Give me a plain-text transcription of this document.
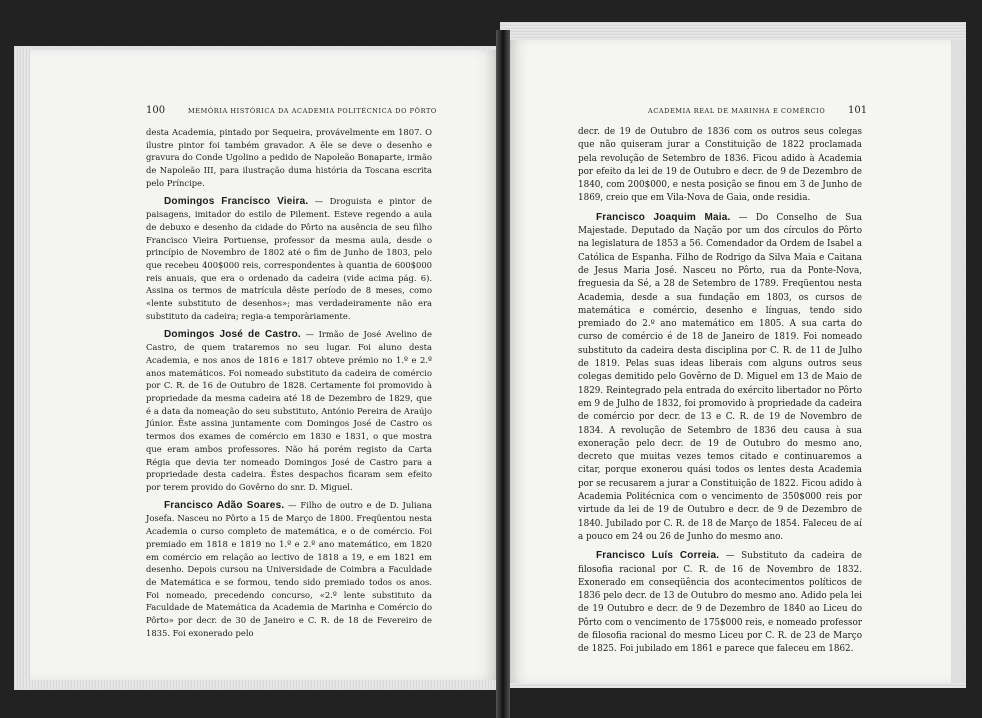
100	MEMÓRIA HISTÓRICA DA ACADEMIA POLITÉCNICA DO PÔRTO

desta Academia, pintado por Sequeira, provávelmente em 1807. O ilustre pintor foi também gravador. A êle se deve o desenho e gravura do Conde Ugolino a pedido de Napoleão Bonaparte, irmão de Napoleão III, para ilustração duma história da Toscana escrita pelo Príncipe.

Domingos Francisco Vieira. — Droguista e pintor de paisagens, imitador do estilo de Pilement. Esteve regendo a aula de debuxo e desenho da cidade do Pôrto na ausência de seu filho Francisco Vieira Portuense, professor da mesma aula, desde o princípio de Novembro de 1802 até o fim de Junho de 1803, pelo que recebeu 400$000 reis, correspondentes à quantia de 600$000 reis anuais, que era o ordenado da cadeira (vide acima pág. 6). Assina os termos de matrícula dêste período de 8 meses, como «lente substituto de desenhos»; mas verdadeiramente não era substituto da cadeira; regia-a temporàriamente.

Domingos José de Castro. — Irmão de José Avelino de Castro, de quem trataremos no seu lugar. Foi aluno desta Academia, e nos anos de 1816 e 1817 obteve prémio no 1.º e 2.º anos matemáticos. Foi nomeado substituto da cadeira de comércio por C. R. de 16 de Outubro de 1828. Certamente foi promovido à propriedade da mesma cadeira até 18 de Dezembro de 1829, que é a data da nomeação do seu substituto, António Pereira de Araújo Júnior. Êste assina juntamente com Domingos José de Castro os termos dos exames de comércio em 1830 e 1831, o que mostra que eram ambos professores. Não há porém registo da Carta Régia que devia ter nomeado Domingos José de Castro para a propriedade desta cadeira. Êstes despachos ficaram sem efeito por terem provido do Govêrno do snr. D. Miguel.

Francisco Adão Soares. — Filho de outro e de D. Juliana Josefa. Nasceu no Pôrto a 15 de Março de 1800. Freqüentou nesta Academia o curso completo de matemática, e o de comércio. Foi premiado em 1818 e 1819 no 1.º e 2.º ano matemático, em 1820 em comércio em relação ao lectivo de 1818 a 19, e em 1821 em desenho. Depois cursou na Universidade de Coimbra a Faculdade de Matemática e se formou, tendo sido premiado todos os anos. Foi nomeado, precedendo concurso, «2.º lente substituto da Faculdade de Matemática da Academia de Marinha e Comércio do Pôrto» por decr. de 30 de Janeiro e C. R. de 18 de Fevereiro de 1835. Foi exonerado pelo

ACADEMIA REAL DE MARINHA E COMÉRCIO 101

decr. de 19 de Outubro de 1836 com os outros seus colegas que não quiseram jurar a Constituição de 1822 proclamada pela revolução de Setembro de 1836. Ficou adido à Academia por efeito da lei de 19 de Outubro e decr. de 9 de Dezembro de 1840, com 200$000, e nesta posição se finou em 3 de Junho de 1869, creio que em Vila-Nova de Gaia, onde residia.

Francisco Joaquim Maia. — Do Conselho de Sua Majestade. Deputado da Nação por um dos círculos do Pôrto na legislatura de 1853 a 56. Comendador da Ordem de Isabel a Católica de Espanha. Filho de Rodrigo da Silva Maia e Caitana de Jesus Maria José. Nasceu no Pôrto, rua da Ponte-Nova, freguesia da Sé, a 28 de Setembro de 1789. Freqüentou nesta Academia, desde a sua fundação em 1803, os cursos de matemática e comércio, desenho e línguas, tendo sido premiado do 2.º ano matemático em 1805. A sua carta do curso de comércio é de 18 de Janeiro de 1819. Foi nomeado substituto da cadeira desta disciplina por C. R. de 11 de Julho de 1819. Pelas suas ideas liberais com alguns outros seus colegas demitido pelo Govêrno de D. Miguel em 13 de Maio de 1829. Reintegrado pela entrada do exército libertador no Pôrto em 9 de Julho de 1832, foi promovido à propriedade da cadeira de comércio por decr. de 13 e C. R. de 19 de Novembro de 1834. A revolução de Setembro de 1836 deu causa à sua exoneração pelo decr. de 19 de Outubro do mesmo ano, decreto que muitas vezes temos citado e continuaremos a citar, porque exonerou quási todos os lentes desta Academia por se recusarem a jurar a Constituição de 1822. Ficou adido à Academia Politécnica com o vencimento de 350$000 reis por virtude da lei de 19 de Outubro e decr. de 9 de Dezembro de 1840. Jubilado por C. R. de 18 de Março de 1854. Faleceu de aí a pouco em 24 ou 26 de Junho do mesmo ano.

Francisco Luís Correia. — Substituto da cadeira de filosofia racional por C. R. de 16 de Novembro de 1832. Exonerado em conseqüência dos acontecimentos políticos de 1836 pelo decr. de 13 de Outubro do mesmo ano. Adido pela lei de 19 Outubro e decr. de 9 de Dezembro de 1840 ao Liceu do Pôrto com o vencimento de 175$000 reis, e nomeado professor de filosofia racional do mesmo Liceu por C. R. de 23 de Março de 1825. Foi jubilado em 1861 e parece que faleceu em 1862.
